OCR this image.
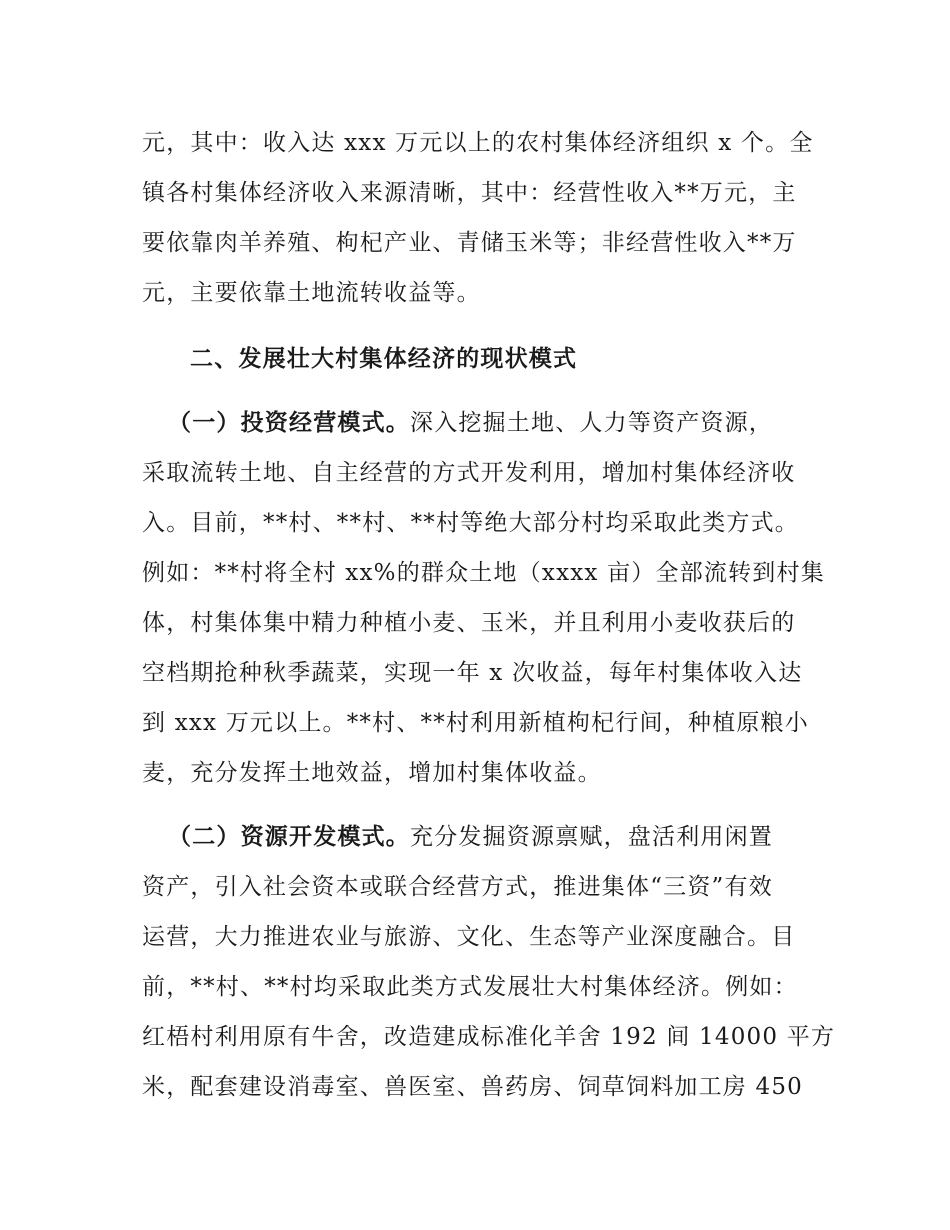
元，其中：收入达 xxx 万元以上的农村集体经济组织 x 个。全
镇各村集体经济收入来源清晰，其中：经营性收入**万元，主
要依靠肉羊养殖、枸杞产业、青储玉米等；非经营性收入**万
元，主要依靠土地流转收益等。
二、发展壮大村集体经济的现状模式
（一）投资经营模式。深入挖掘土地、人力等资产资源，
采取流转土地、自主经营的方式开发利用，增加村集体经济收
入。目前，**村、**村、**村等绝大部分村均采取此类方式。
例如：**村将全村 xx%的群众土地（xxxx 亩）全部流转到村集
体，村集体集中精力种植小麦、玉米，并且利用小麦收获后的
空档期抢种秋季蔬菜，实现一年 x 次收益，每年村集体收入达
到 xxx 万元以上。**村、**村利用新植枸杞行间，种植原粮小
麦，充分发挥土地效益，增加村集体收益。
（二）资源开发模式。充分发掘资源禀赋，盘活利用闲置
资产，引入社会资本或联合经营方式，推进集体“三资”有效
运营，大力推进农业与旅游、文化、生态等产业深度融合。目
前，**村、**村均采取此类方式发展壮大村集体经济。例如：
红梧村利用原有牛舍，改造建成标准化羊舍 192 间 14000 平方
米，配套建设消毒室、兽医室、兽药房、饲草饲料加工房 450
